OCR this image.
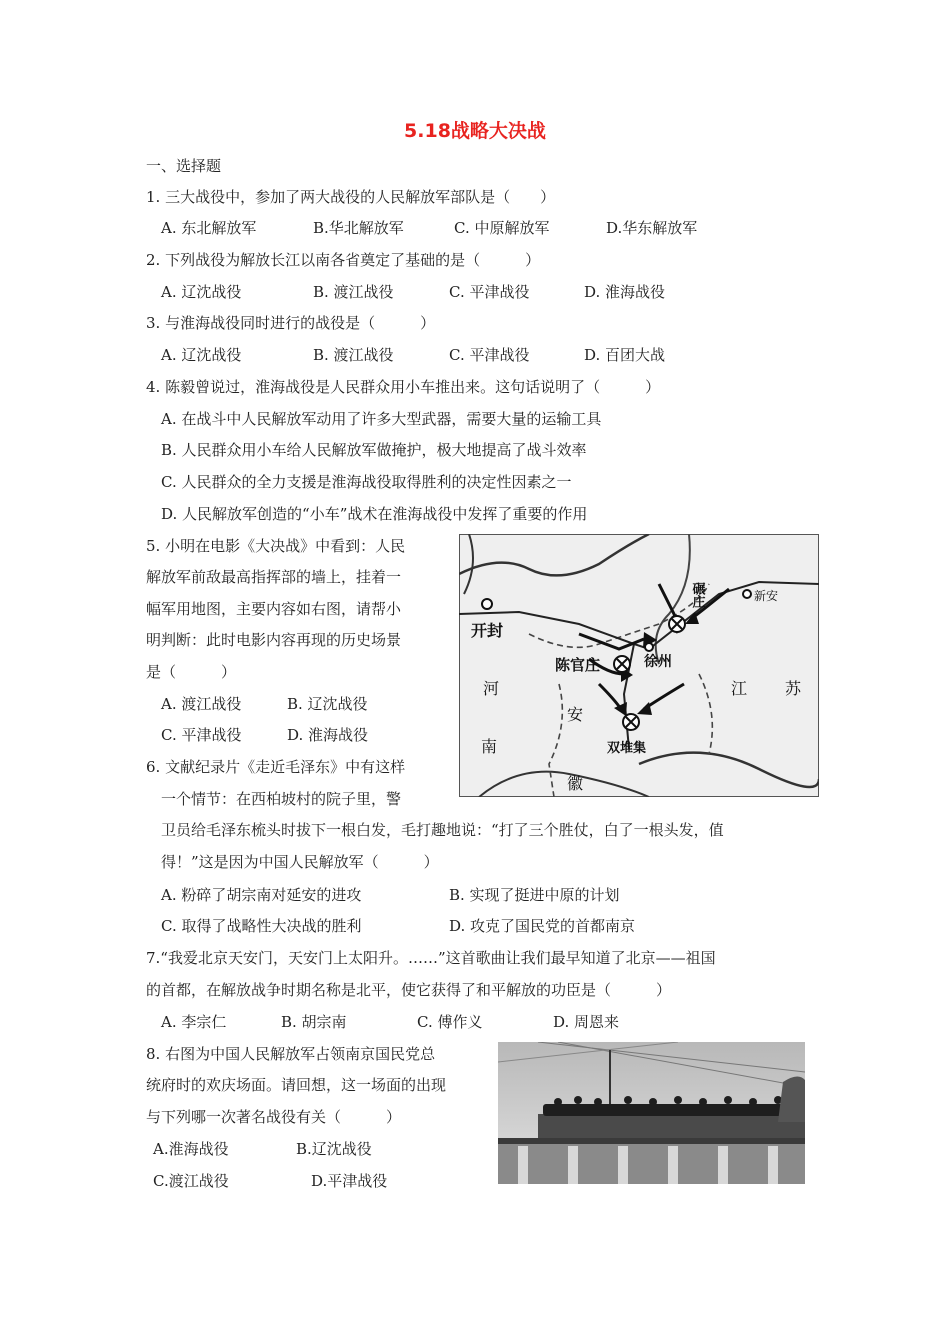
5.18战略大决战
一、选择题
1. 三大战役中，参加了两大战役的人民解放军部队是（　　）
A. 东北解放军	B.华北解放军	C. 中原解放军	D.华东解放军
2. 下列战役为解放长江以南各省奠定了基础的是（　　　）
A. 辽沈战役	B. 渡江战役	C. 平津战役	D. 淮海战役
3. 与淮海战役同时进行的战役是（　　　）
A. 辽沈战役	B. 渡江战役	C. 平津战役	D. 百团大战
4. 陈毅曾说过，淮海战役是人民群众用小车推出来。这句话说明了（　　　）
A. 在战斗中人民解放军动用了许多大型武器，需要大量的运输工具
B. 人民群众用小车给人民解放军做掩护，极大地提高了战斗效率
C. 人民群众的全力支援是淮海战役取得胜利的决定性因素之一
D. 人民解放军创造的“小车”战术在淮海战役中发挥了重要的作用
5. 小明在电影《大决战》中看到：人民
解放军前敌最高指挥部的墙上，挂着一
幅军用地图，主要内容如右图，请帮小
明判断：此时电影内容再现的历史场景
是（　　　）
A. 渡江战役	B. 辽沈战役
C. 平津战役	D. 淮海战役
开封
徐州
陈官庄
双堆集
碾庄	新安
河
南
安
徽
江 苏
6. 文献纪录片《走近毛泽东》中有这样
一个情节：在西柏坡村的院子里，警
卫员给毛泽东梳头时拔下一根白发，毛打趣地说：“打了三个胜仗，白了一根头发，值
得！”这是因为中国人民解放军（　　　）
A. 粉碎了胡宗南对延安的进攻	B. 实现了挺进中原的计划
C. 取得了战略性大决战的胜利	D. 攻克了国民党的首都南京
7.“我爱北京天安门，天安门上太阳升。……”这首歌曲让我们最早知道了北京——祖国
的首都，在解放战争时期名称是北平，使它获得了和平解放的功臣是（　　　）
A. 李宗仁	B. 胡宗南	C. 傅作义	D. 周恩来
8. 右图为中国人民解放军占领南京国民党总
统府时的欢庆场面。请回想，这一场面的出现
与下列哪一次著名战役有关（　　　）
A.淮海战役	B.辽沈战役
C.渡江战役	D.平津战役
